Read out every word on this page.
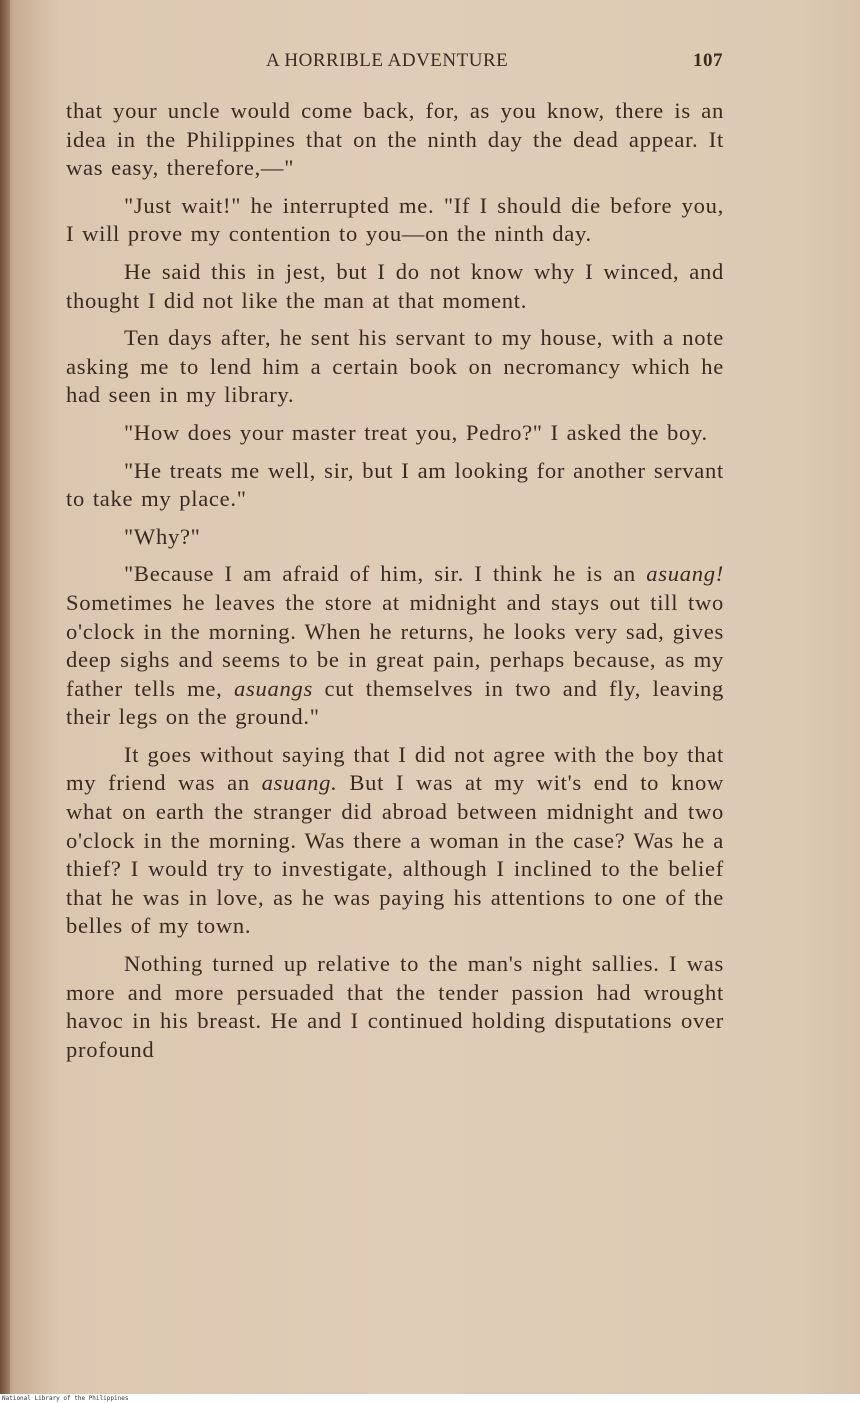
A HORRIBLE ADVENTURE	107

that your uncle would come back, for, as you know, there is an idea in the Philippines that on the ninth day the dead appear. It was easy, therefore,—"

"Just wait!" he interrupted me. "If I should die before you, I will prove my contention to you—on the ninth day.

He said this in jest, but I do not know why I winced, and thought I did not like the man at that moment.

Ten days after, he sent his servant to my house, with a note asking me to lend him a certain book on necromancy which he had seen in my library.

"How does your master treat you, Pedro?" I asked the boy.

"He treats me well, sir, but I am looking for another servant to take my place."

"Why?"

"Because I am afraid of him, sir. I think he is an asuang! Sometimes he leaves the store at midnight and stays out till two o'clock in the morning. When he returns, he looks very sad, gives deep sighs and seems to be in great pain, perhaps because, as my father tells me, asuangs cut themselves in two and fly, leaving their legs on the ground."

It goes without saying that I did not agree with the boy that my friend was an asuang. But I was at my wit's end to know what on earth the stranger did abroad between midnight and two o'clock in the morning. Was there a woman in the case? Was he a thief? I would try to investigate, although I inclined to the belief that he was in love, as he was paying his attentions to one of the belles of my town.

Nothing turned up relative to the man's night sallies. I was more and more persuaded that the tender passion had wrought havoc in his breast. He and I continued holding disputations over profound

National Library of the Philippines
